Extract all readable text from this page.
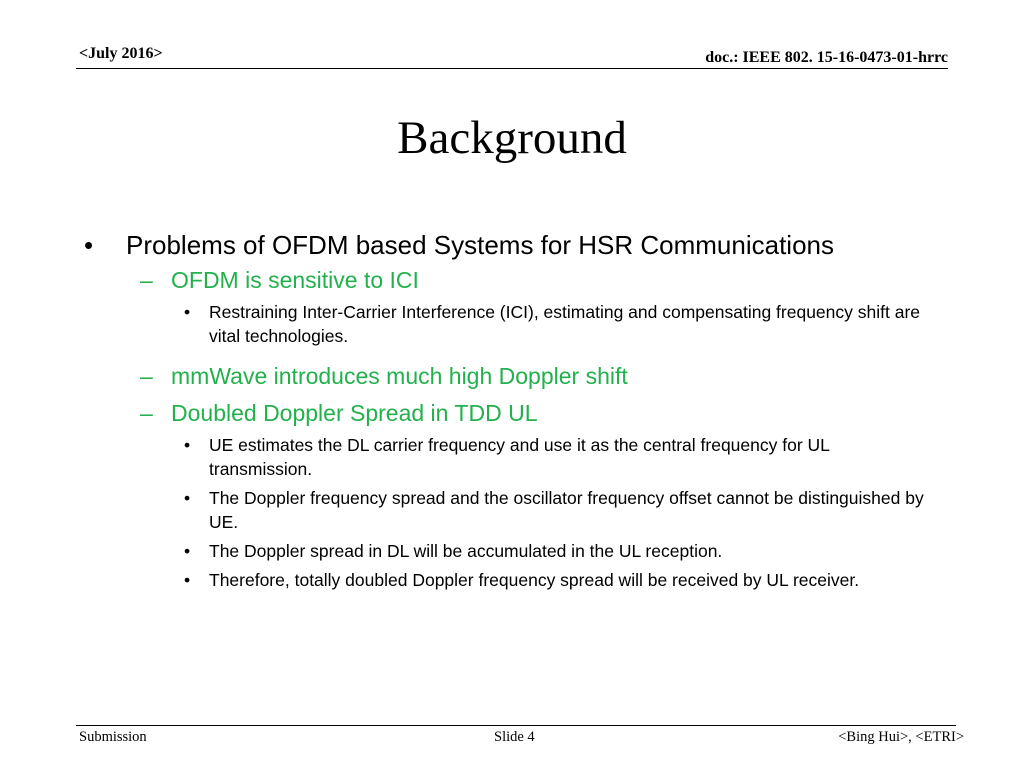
<July 2016>	doc.: IEEE 802. 15-16-0473-01-hrrc
Background
• Problems of OFDM based Systems for HSR Communications
– OFDM is sensitive to ICI
• Restraining Inter-Carrier Interference (ICI), estimating and compensating frequency shift are vital technologies.
– mmWave introduces much high Doppler shift
– Doubled Doppler Spread in TDD UL
• UE estimates the DL carrier frequency and use it as the central frequency for UL transmission.
• The Doppler frequency spread and the oscillator frequency offset cannot be distinguished by UE.
• The Doppler spread in DL will be accumulated in the UL reception.
• Therefore, totally doubled Doppler frequency spread will be received by UL receiver.
Submission	Slide 4	<Bing Hui>, <ETRI>
